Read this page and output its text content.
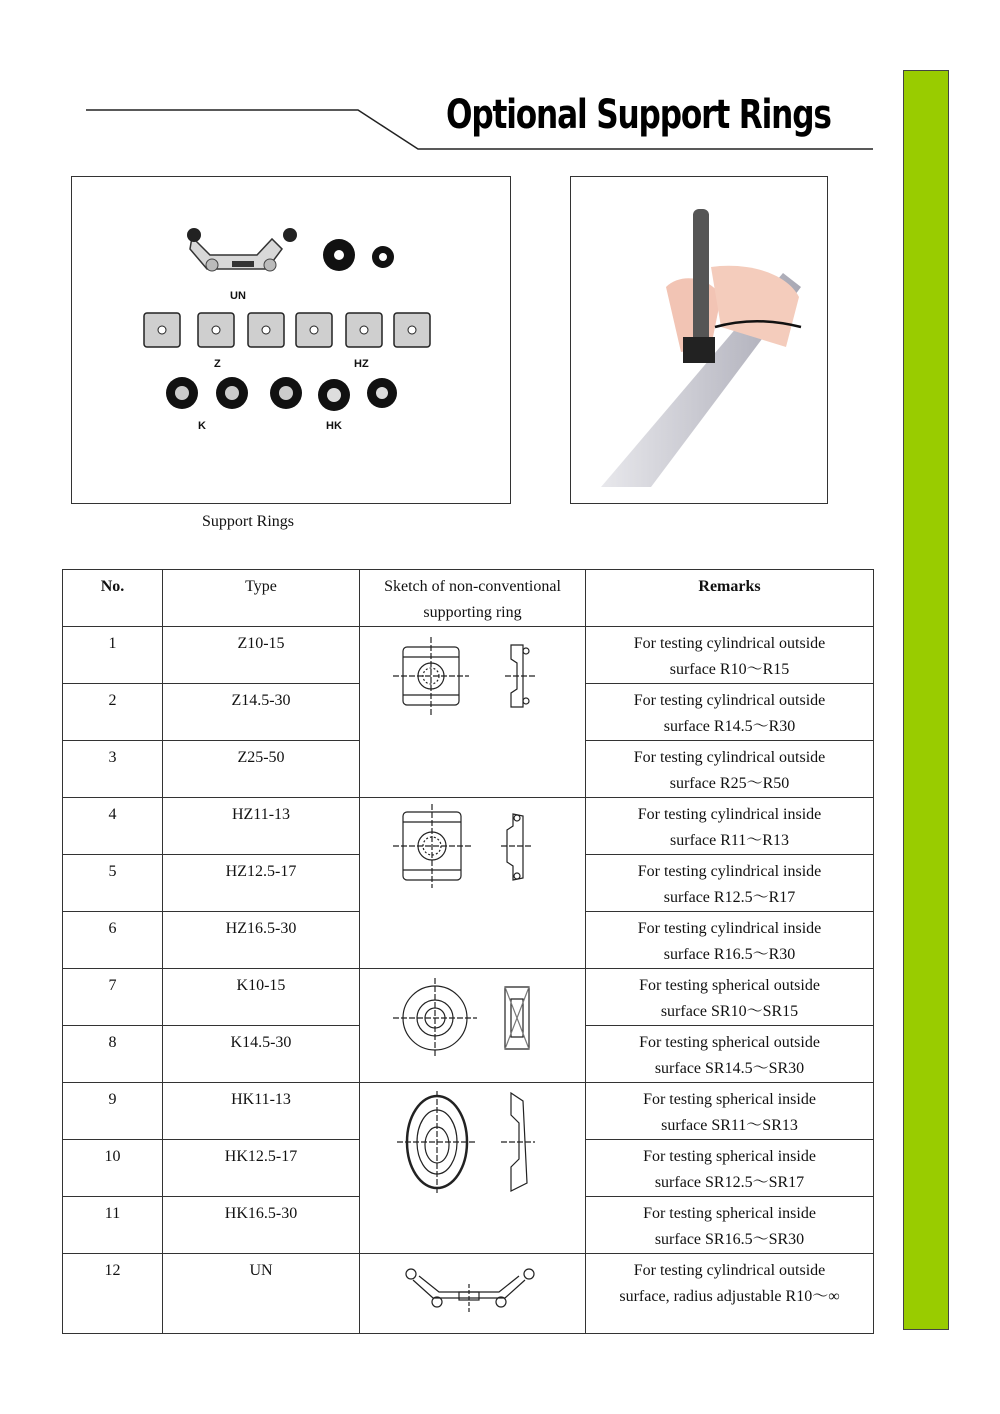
Optional Support Rings
UN
Z	HZ
K	HK
Support Rings
No.	Type	Sketch of non-conventional supporting ring	Remarks
1	Z10-15		For testing cylindrical outside
surface R10～R15

2	Z14.5-30		For testing cylindrical outside
surface R14.5～R30

3	Z25-50		For testing cylindrical outside
surface R25～R50

4	HZ11-13		For testing cylindrical inside
surface R11～R13

5	HZ12.5-17		For testing cylindrical inside
surface R12.5～R17

6	HZ16.5-30		For testing cylindrical inside
surface R16.5～R30

7	K10-15		For testing spherical outside
surface SR10～SR15

8	K14.5-30		For testing spherical outside
surface SR14.5～SR30

9	HK11-13		For testing spherical inside
surface SR11～SR13

10	HK12.5-17		For testing spherical inside
surface SR12.5～SR17

11	HK16.5-30		For testing spherical inside
surface SR16.5～SR30

12	UN		For testing cylindrical outside
surface, radius adjustable R10～∞
